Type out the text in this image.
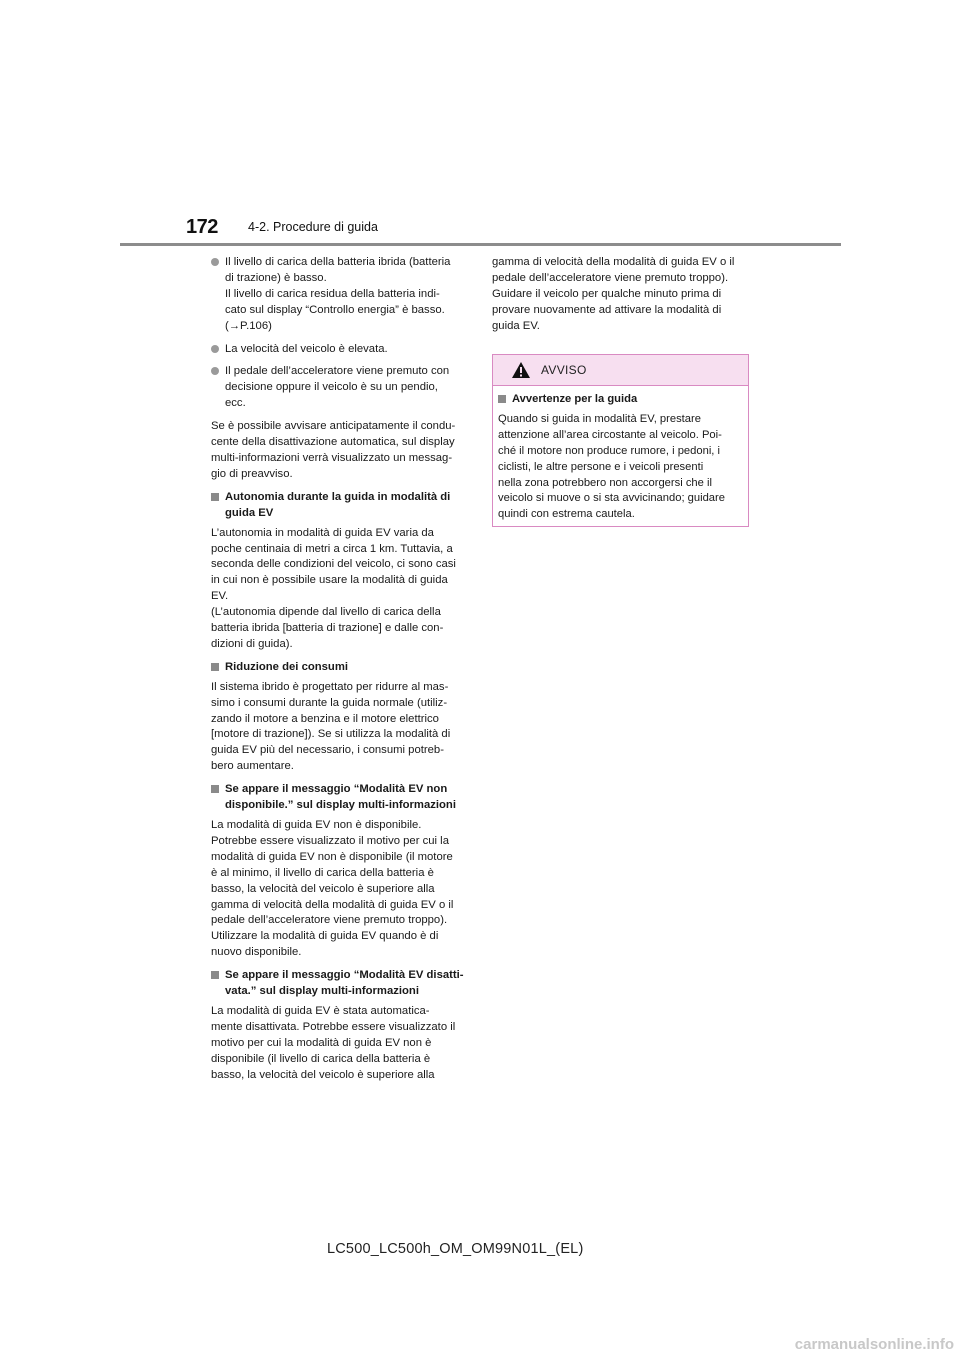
172 4-2. Procedure di guida
Il livello di carica della batteria ibrida (batteria
di trazione) è basso.
Il livello di carica residua della batteria indi-
cato sul display “Controllo energia” è basso.
(→P.106)
La velocità del veicolo è elevata.
Il pedale dell’acceleratore viene premuto con
decisione oppure il veicolo è su un pendio,
ecc.
Se è possibile avvisare anticipatamente il condu-
cente della disattivazione automatica, sul display
multi-informazioni verrà visualizzato un messag-
gio di preavviso.
Autonomia durante la guida in modalità di
guida EV
L’autonomia in modalità di guida EV varia da
poche centinaia di metri a circa 1 km. Tuttavia, a
seconda delle condizioni del veicolo, ci sono casi
in cui non è possibile usare la modalità di guida
EV.
(L’autonomia dipende dal livello di carica della
batteria ibrida [batteria di trazione] e dalle con-
dizioni di guida).
Riduzione dei consumi
Il sistema ibrido è progettato per ridurre al mas-
simo i consumi durante la guida normale (utiliz-
zando il motore a benzina e il motore elettrico
[motore di trazione]). Se si utilizza la modalità di
guida EV più del necessario, i consumi potreb-
bero aumentare.
Se appare il messaggio “Modalità EV non
disponibile.” sul display multi-informazioni
La modalità di guida EV non è disponibile.
Potrebbe essere visualizzato il motivo per cui la
modalità di guida EV non è disponibile (il motore
è al minimo, il livello di carica della batteria è
basso, la velocità del veicolo è superiore alla
gamma di velocità della modalità di guida EV o il
pedale dell’acceleratore viene premuto troppo).
Utilizzare la modalità di guida EV quando è di
nuovo disponibile.
Se appare il messaggio “Modalità EV disatti-
vata.” sul display multi-informazioni
La modalità di guida EV è stata automatica-
mente disattivata. Potrebbe essere visualizzato il
motivo per cui la modalità di guida EV non è
disponibile (il livello di carica della batteria è
basso, la velocità del veicolo è superiore alla
gamma di velocità della modalità di guida EV o il
pedale dell’acceleratore viene premuto troppo).
Guidare il veicolo per qualche minuto prima di
provare nuovamente ad attivare la modalità di
guida EV.
AVVISO
Avvertenze per la guida
Quando si guida in modalità EV, prestare
attenzione all’area circostante al veicolo. Poi-
ché il motore non produce rumore, i pedoni, i
ciclisti, le altre persone e i veicoli presenti
nella zona potrebbero non accorgersi che il
veicolo si muove o si sta avvicinando; guidare
quindi con estrema cautela.
LC500_LC500h_OM_OM99N01L_(EL)
carmanualsonline.info
